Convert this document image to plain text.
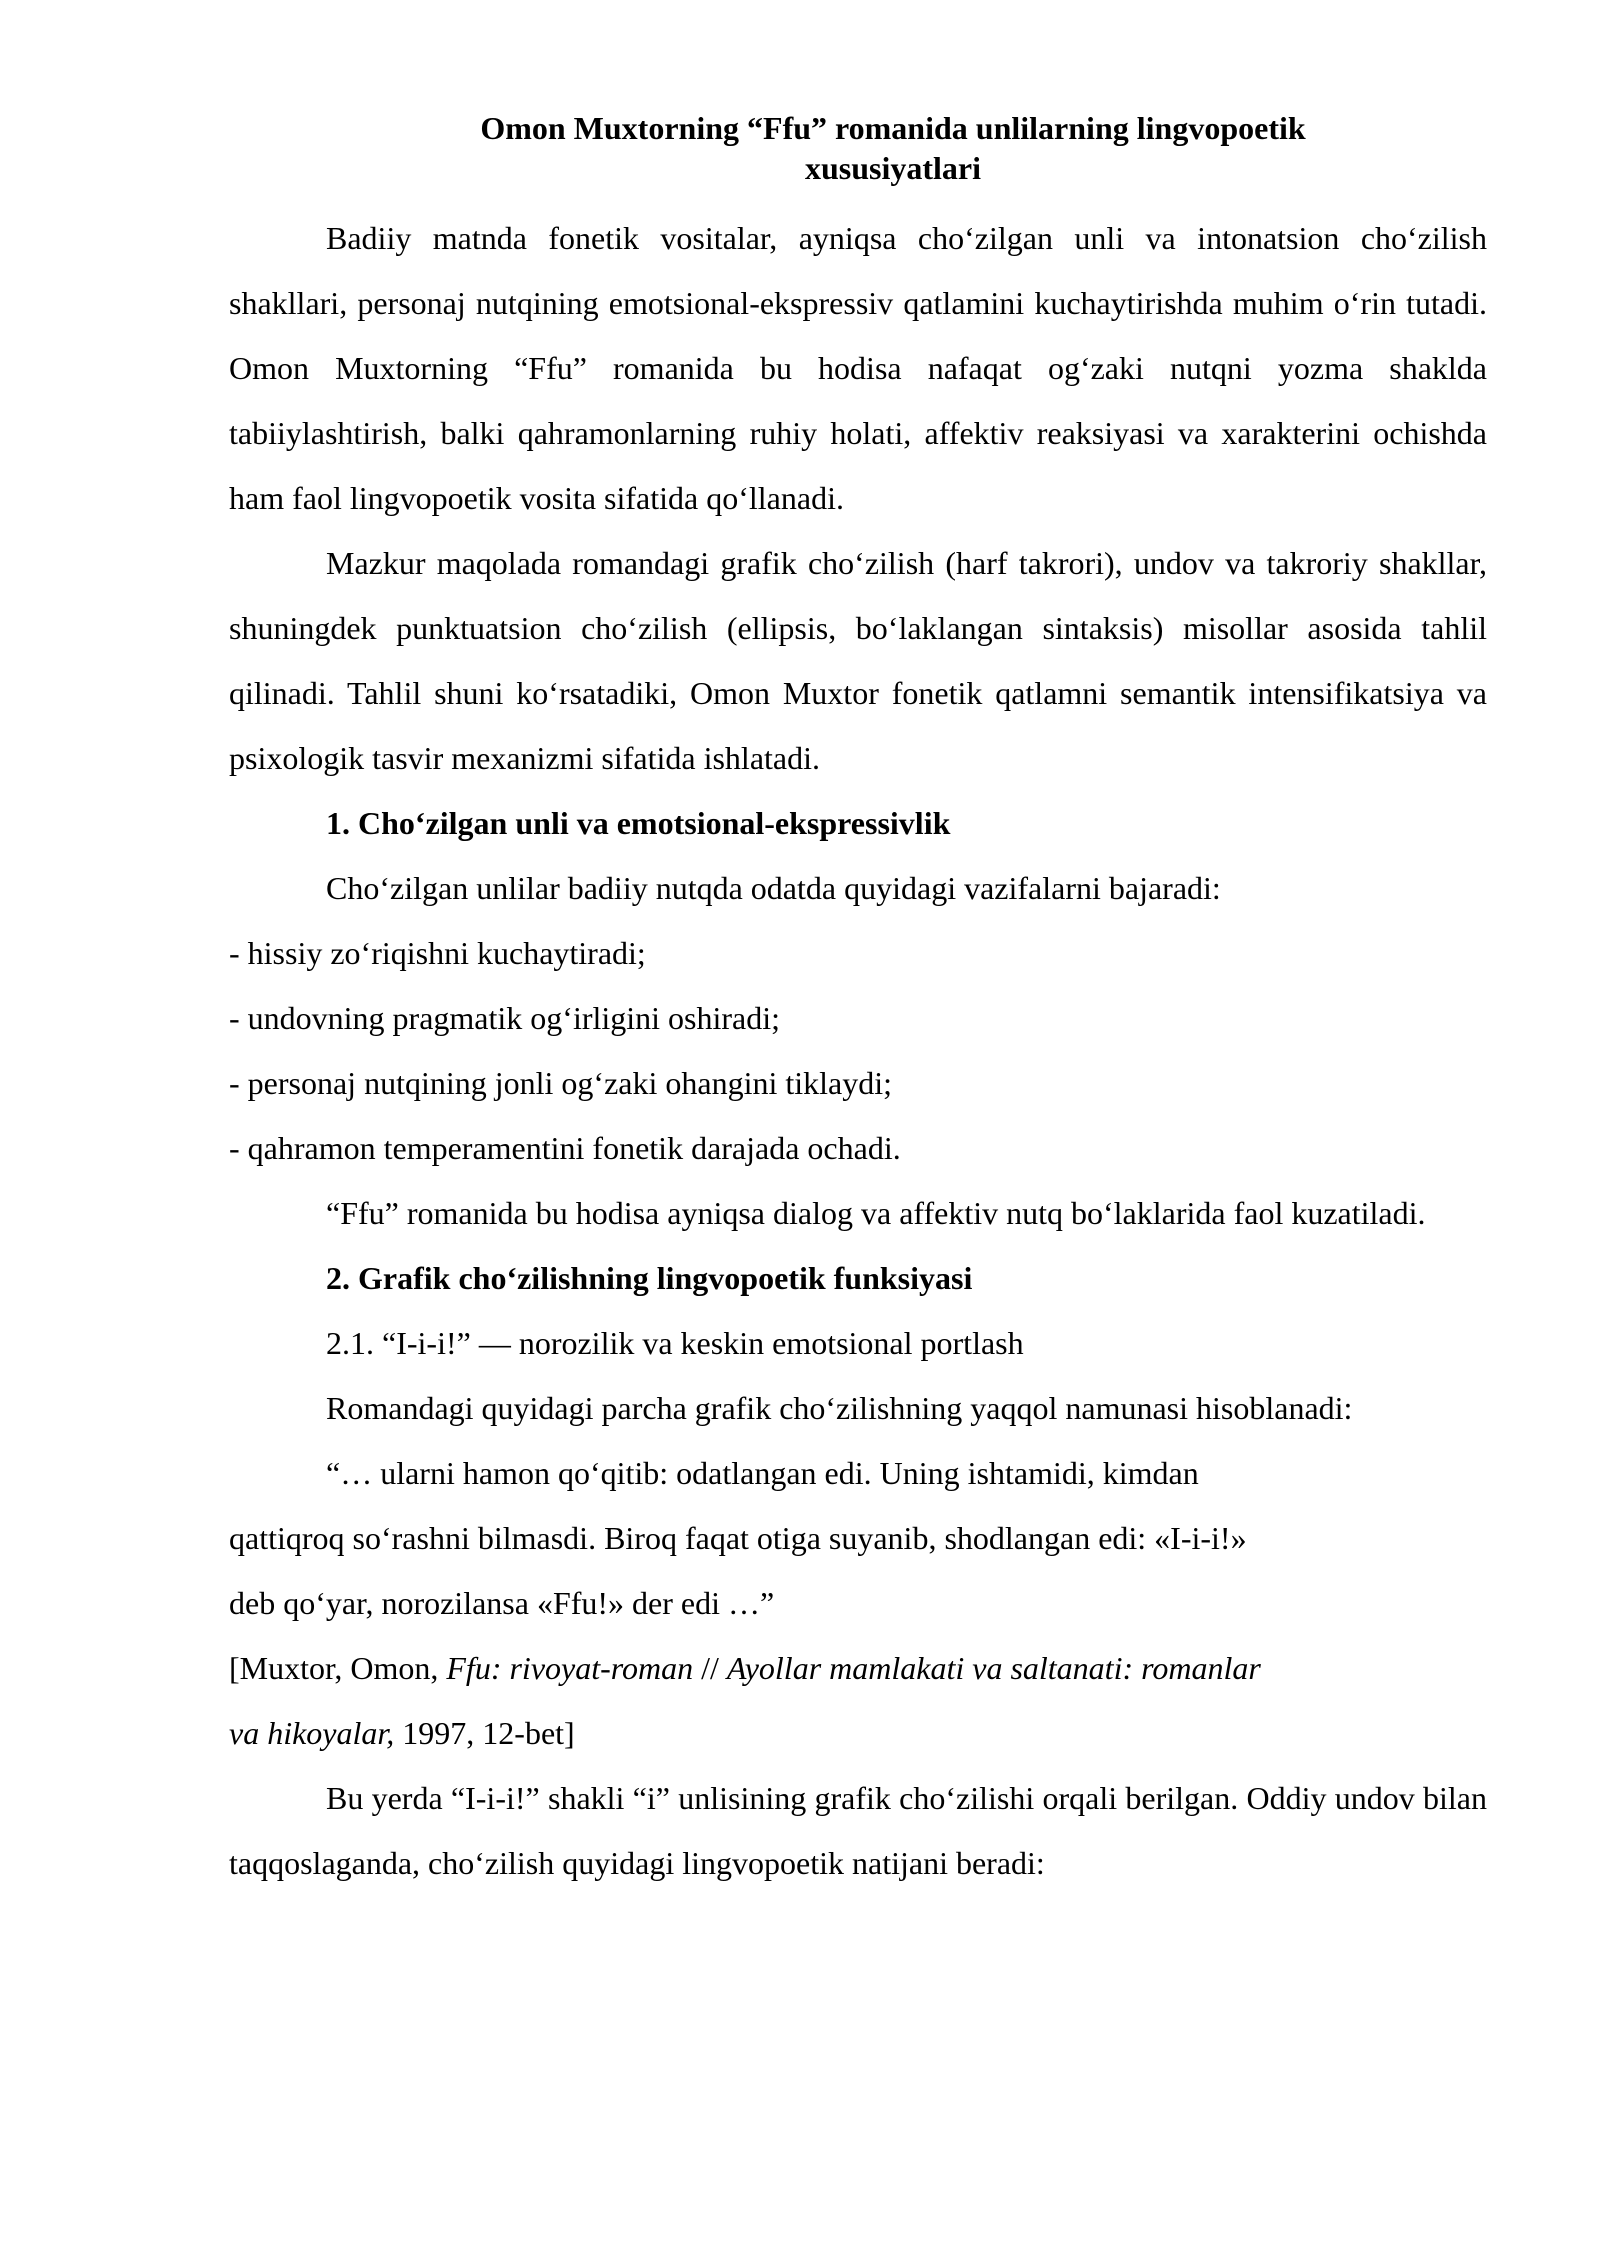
Omon Muxtorning “Ffu” romanida unlilarning lingvopoetik
xususiyatlari

Badiiy matnda fonetik vositalar, ayniqsa cho‘zilgan unli va intonatsion cho‘zilish shakllari, personaj nutqining emotsional-ekspressiv qatlamini kuchaytirishda muhim o‘rin tutadi. Omon Muxtorning “Ffu” romanida bu hodisa nafaqat og‘zaki nutqni yozma shaklda tabiiylashtirish, balki qahramonlarning ruhiy holati, affektiv reaksiyasi va xarakterini ochishda ham faol lingvopoetik vosita sifatida qo‘llanadi.

Mazkur maqolada romandagi grafik cho‘zilish (harf takrori), undov va takroriy shakllar, shuningdek punktuatsion cho‘zilish (ellipsis, bo‘laklangan sintaksis) misollar asosida tahlil qilinadi. Tahlil shuni ko‘rsatadiki, Omon Muxtor fonetik qatlamni semantik intensifikatsiya va psixologik tasvir mexanizmi sifatida ishlatadi.

1. Cho‘zilgan unli va emotsional-ekspressivlik

Cho‘zilgan unlilar badiiy nutqda odatda quyidagi vazifalarni bajaradi:

- hissiy zo‘riqishni kuchaytiradi;

- undovning pragmatik og‘irligini oshiradi;

- personaj nutqining jonli og‘zaki ohangini tiklaydi;

- qahramon temperamentini fonetik darajada ochadi.

“Ffu” romanida bu hodisa ayniqsa dialog va affektiv nutq bo‘laklarida faol kuzatiladi.

2. Grafik cho‘zilishning lingvopoetik funksiyasi

2.1. “I-i-i!” — norozilik va keskin emotsional portlash

Romandagi quyidagi parcha grafik cho‘zilishning yaqqol namunasi hisoblanadi:

“… ularni hamon qo‘qitib: odatlangan edi. Uning ishtamidi, kimdan

qattiqroq so‘rashni bilmasdi. Biroq faqat otiga suyanib, shodlangan edi: «I-i-i!»

deb qo‘yar, norozilansa «Ffu!» der edi …”

[Muxtor, Omon, Ffu: rivoyat-roman // Ayollar mamlakati va saltanati: romanlar
va hikoyalar, 1997, 12-bet]

Bu yerda “I-i-i!” shakli “i” unlisining grafik cho‘zilishi orqali berilgan. Oddiy undov bilan taqqoslaganda, cho‘zilish quyidagi lingvopoetik natijani beradi:
